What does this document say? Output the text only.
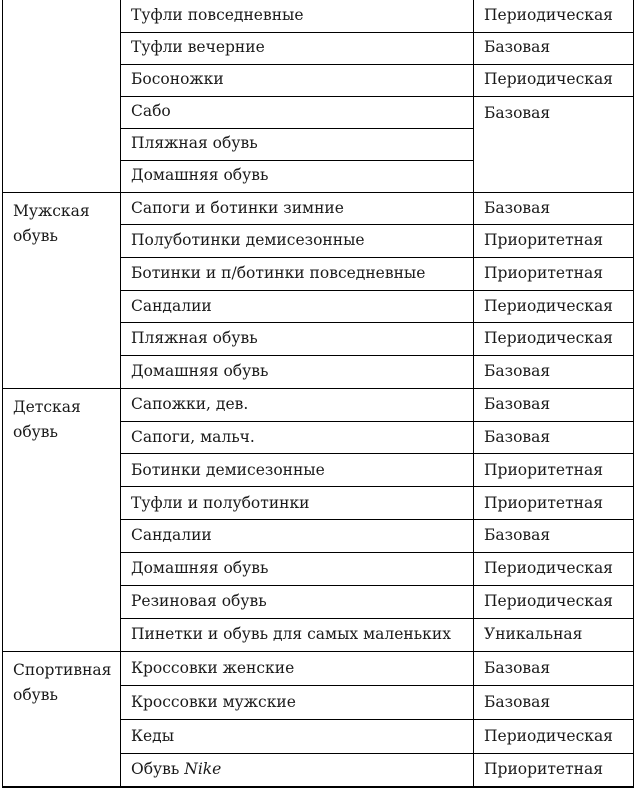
	Туфли повседневные	Периодическая
	Туфли вечерние	Базовая
	Босоножки	Периодическая
	Сабо	Базовая
	Пляжная обувь	
	Домашняя обувь	
Мужская обувь	Сапоги и ботинки зимние	Базовая
	Полуботинки демисезонные	Приоритетная
	Ботинки и п/ботинки повседневные	Приоритетная
	Сандалии	Периодическая
	Пляжная обувь	Периодическая
	Домашняя обувь	Базовая
Детская обувь	Сапожки, дев.	Базовая
	Сапоги, мальч.	Базовая
	Ботинки демисезонные	Приоритетная
	Туфли и полуботинки	Приоритетная
	Сандалии	Базовая
	Домашняя обувь	Периодическая
	Резиновая обувь	Периодическая
	Пинетки и обувь для самых маленьких	Уникальная
Спортивная обувь	Кроссовки женские	Базовая
	Кроссовки мужские	Базовая
	Кеды	Периодическая
	Обувь Nike	Приоритетная
